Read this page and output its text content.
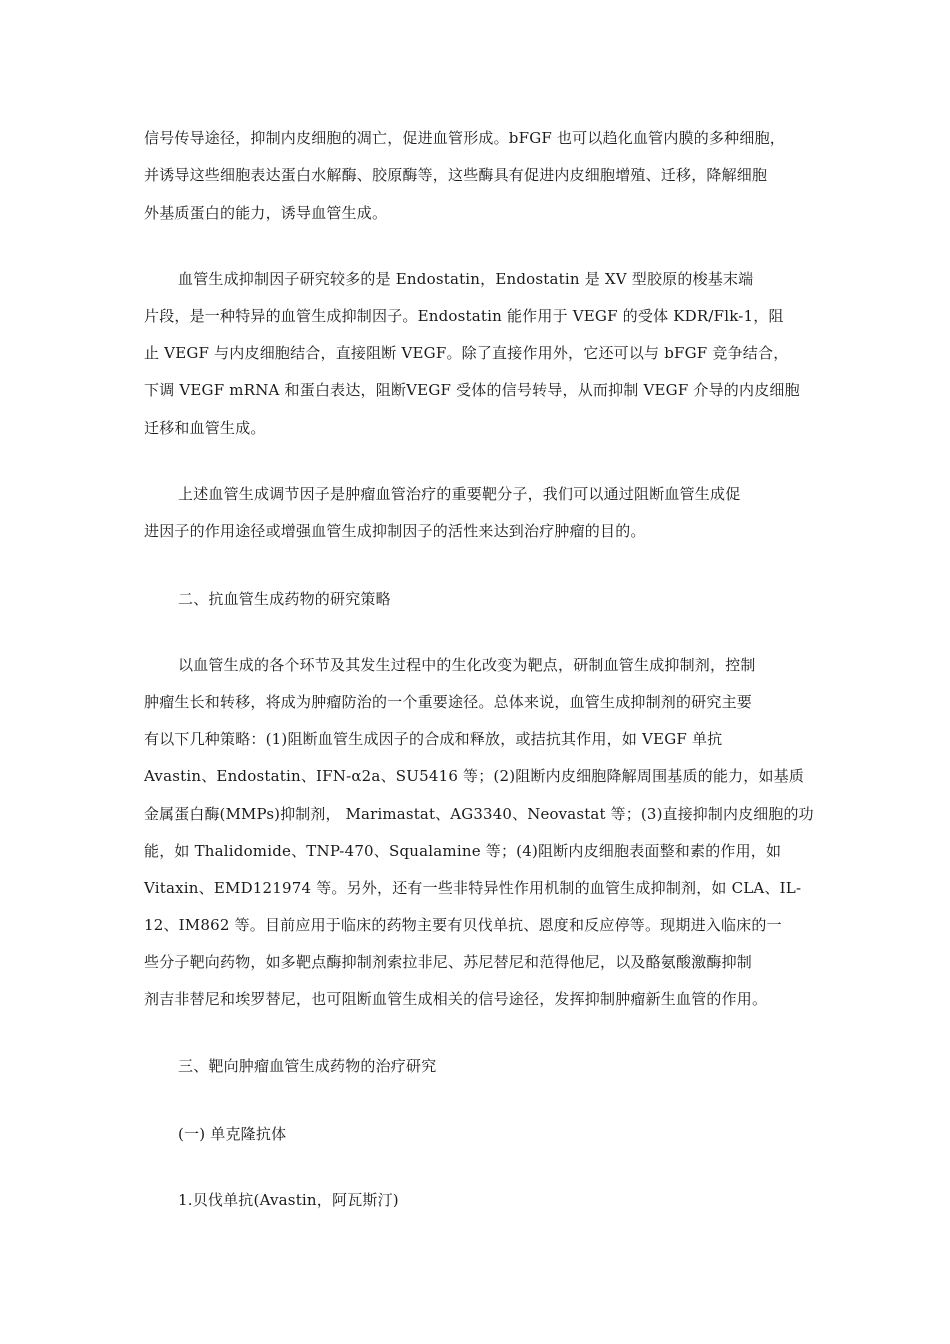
信号传导途径，抑制内皮细胞的凋亡，促进血管形成。bFGF 也可以趋化血管内膜的多种细胞，
并诱导这些细胞表达蛋白水解酶、胶原酶等，这些酶具有促进内皮细胞增殖、迁移，降解细胞
外基质蛋白的能力，诱导血管生成。
血管生成抑制因子研究较多的是 Endostatin，Endostatin 是 XV 型胶原的梭基末端
片段，是一种特异的血管生成抑制因子。Endostatin 能作用于 VEGF 的受体 KDR/Flk-1，阻
止 VEGF 与内皮细胞结合，直接阻断 VEGF。除了直接作用外，它还可以与 bFGF 竞争结合，
下调 VEGF mRNA 和蛋白表达，阻断VEGF 受体的信号转导，从而抑制 VEGF 介导的内皮细胞
迁移和血管生成。
上述血管生成调节因子是肿瘤血管治疗的重要靶分子，我们可以通过阻断血管生成促
进因子的作用途径或增强血管生成抑制因子的活性来达到治疗肿瘤的目的。
二、抗血管生成药物的研究策略
以血管生成的各个环节及其发生过程中的生化改变为靶点，研制血管生成抑制剂，控制
肿瘤生长和转移，将成为肿瘤防治的一个重要途径。总体来说，血管生成抑制剂的研究主要
有以下几种策略：(1)阻断血管生成因子的合成和释放，或拮抗其作用，如 VEGF 单抗
Avastin、Endostatin、IFN-α2a、SU5416 等；(2)阻断内皮细胞降解周围基质的能力，如基质
金属蛋白酶(MMPs)抑制剂， Marimastat、AG3340、Neovastat 等；(3)直接抑制内皮细胞的功
能，如 Thalidomide、TNP-470、Squalamine 等；(4)阻断内皮细胞表面整和素的作用，如
Vitaxin、EMD121974 等。另外，还有一些非特异性作用机制的血管生成抑制剂，如 CLA、IL-
12、IM862 等。目前应用于临床的药物主要有贝伐单抗、恩度和反应停等。现期进入临床的一
些分子靶向药物，如多靶点酶抑制剂索拉非尼、苏尼替尼和范得他尼，以及酪氨酸激酶抑制
剂吉非替尼和埃罗替尼，也可阻断血管生成相关的信号途径，发挥抑制肿瘤新生血管的作用。
三、靶向肿瘤血管生成药物的治疗研究
(一) 单克隆抗体
1.贝伐单抗(Avastin，阿瓦斯汀)
